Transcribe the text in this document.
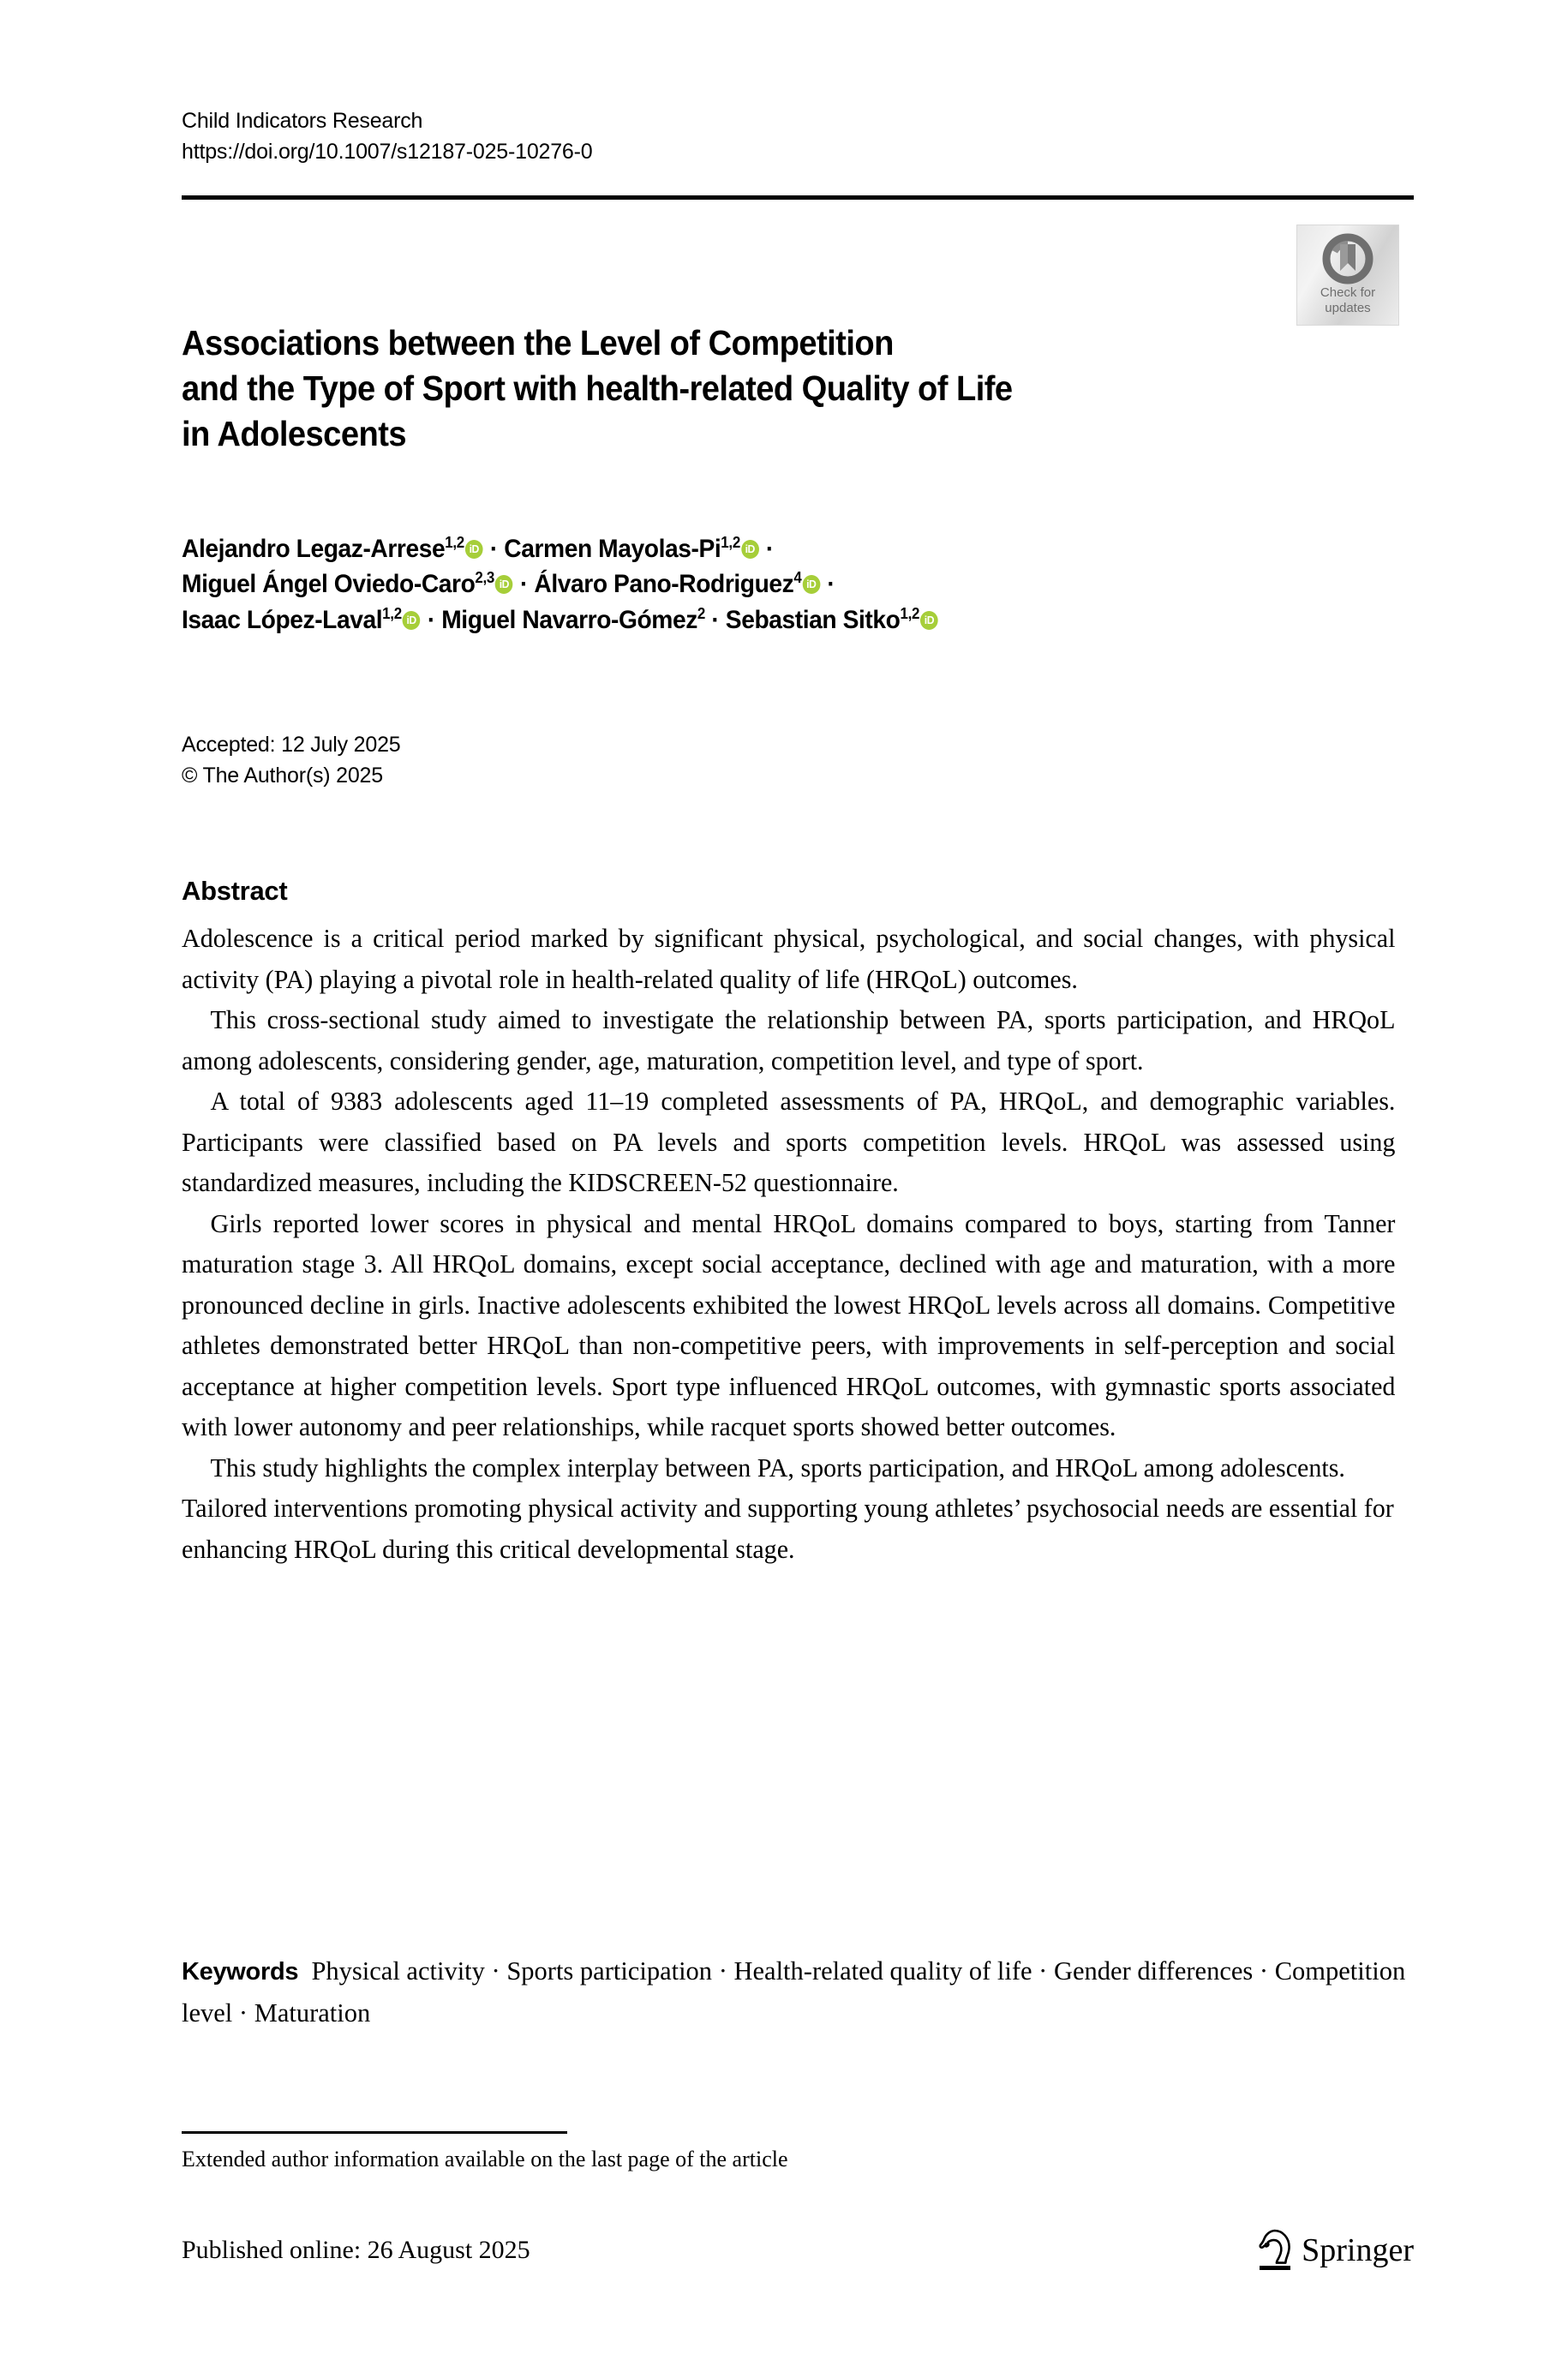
Child Indicators Research
https://doi.org/10.1007/s12187-025-10276-0
Check for
updates
Associations between the Level of Competition
and the Type of Sport with health-related Quality of Life
in Adolescents
Alejandro Legaz-Arrese$^{1,2}$ iD · Carmen Mayolas-Pi$^{1,2}$ iD ·
Miguel Ángel Oviedo-Caro$^{2,3}$ iD · Álvaro Pano-Rodriguez$^4$ iD ·
Isaac López-Laval$^{1,2}$ iD · Miguel Navarro-Gómez$^2$ · Sebastian Sitko$^{1,2}$ iD
Accepted: 12 July 2025
© The Author(s) 2025
Abstract

Adolescence is a critical period marked by significant physical, psychological, and social changes, with physical activity (PA) playing a pivotal role in health-related quality of life (HRQoL) outcomes.

This cross-sectional study aimed to investigate the relationship between PA, sports participation, and HRQoL among adolescents, considering gender, age, maturation, competition level, and type of sport.

A total of 9383 adolescents aged 11–19 completed assessments of PA, HRQoL, and demographic variables. Participants were classified based on PA levels and sports competition levels. HRQoL was assessed using standardized measures, including the KIDSCREEN-52 questionnaire.

Girls reported lower scores in physical and mental HRQoL domains compared to boys, starting from Tanner maturation stage 3. All HRQoL domains, except social acceptance, declined with age and maturation, with a more pronounced decline in girls. Inactive adolescents exhibited the lowest HRQoL levels across all domains. Competitive athletes demonstrated better HRQoL than non-competitive peers, with improvements in self-perception and social acceptance at higher competition levels. Sport type influenced HRQoL outcomes, with gymnastic sports associated with lower autonomy and peer relationships, while racquet sports showed better outcomes.

This study highlights the complex interplay between PA, sports participation, and HRQoL among adolescents. Tailored interventions promoting physical activity and supporting young athletes’ psychosocial needs are essential for enhancing HRQoL during this critical developmental stage.

Keywords  Physical activity · Sports participation · Health-related quality of life · Gender differences · Competition level · Maturation
Extended author information available on the last page of the article
Published online: 26 August 2025	Springer
